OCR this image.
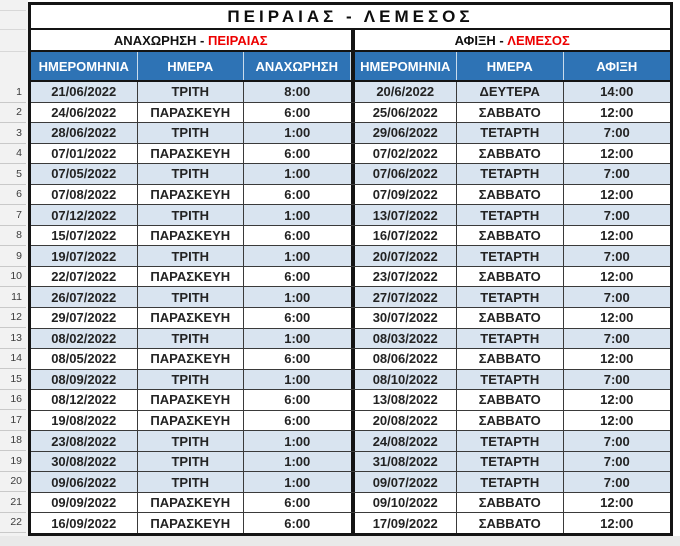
1
2
3
4
5
6
7
8
9
10
11
12
13
14
15
16
17
18
19
20
21
22
ΠΕΙΡΑΙΑΣ - ΛΕΜΕΣΟΣ
ΑΝΑΧΩΡΗΣΗ - ΠΕΙΡΑΙΑΣ	ΑΦΙΞΗ - ΛΕΜΕΣΟΣ
ΗΜΕΡΟΜΗΝΙΑ	ΗΜΕΡΑ	ΑΝΑΧΩΡΗΣΗ	ΗΜΕΡΟΜΗΝΙΑ	ΗΜΕΡΑ	ΑΦΙΞΗ
21/06/2022	ΤΡΙΤΗ	8:00	20/6/2022	ΔΕΥΤΕΡΑ	14:00
24/06/2022	ΠΑΡΑΣΚΕΥΗ	6:00	25/06/2022	ΣΑΒΒΑΤΟ	12:00
28/06/2022	ΤΡΙΤΗ	1:00	29/06/2022	ΤΕΤΑΡΤΗ	7:00
07/01/2022	ΠΑΡΑΣΚΕΥΗ	6:00	07/02/2022	ΣΑΒΒΑΤΟ	12:00
07/05/2022	ΤΡΙΤΗ	1:00	07/06/2022	ΤΕΤΑΡΤΗ	7:00
07/08/2022	ΠΑΡΑΣΚΕΥΗ	6:00	07/09/2022	ΣΑΒΒΑΤΟ	12:00
07/12/2022	ΤΡΙΤΗ	1:00	13/07/2022	ΤΕΤΑΡΤΗ	7:00
15/07/2022	ΠΑΡΑΣΚΕΥΗ	6:00	16/07/2022	ΣΑΒΒΑΤΟ	12:00
19/07/2022	ΤΡΙΤΗ	1:00	20/07/2022	ΤΕΤΑΡΤΗ	7:00
22/07/2022	ΠΑΡΑΣΚΕΥΗ	6:00	23/07/2022	ΣΑΒΒΑΤΟ	12:00
26/07/2022	ΤΡΙΤΗ	1:00	27/07/2022	ΤΕΤΑΡΤΗ	7:00
29/07/2022	ΠΑΡΑΣΚΕΥΗ	6:00	30/07/2022	ΣΑΒΒΑΤΟ	12:00
08/02/2022	ΤΡΙΤΗ	1:00	08/03/2022	ΤΕΤΑΡΤΗ	7:00
08/05/2022	ΠΑΡΑΣΚΕΥΗ	6:00	08/06/2022	ΣΑΒΒΑΤΟ	12:00
08/09/2022	ΤΡΙΤΗ	1:00	08/10/2022	ΤΕΤΑΡΤΗ	7:00
08/12/2022	ΠΑΡΑΣΚΕΥΗ	6:00	13/08/2022	ΣΑΒΒΑΤΟ	12:00
19/08/2022	ΠΑΡΑΣΚΕΥΗ	6:00	20/08/2022	ΣΑΒΒΑΤΟ	12:00
23/08/2022	ΤΡΙΤΗ	1:00	24/08/2022	ΤΕΤΑΡΤΗ	7:00
30/08/2022	ΤΡΙΤΗ	1:00	31/08/2022	ΤΕΤΑΡΤΗ	7:00
09/06/2022	ΤΡΙΤΗ	1:00	09/07/2022	ΤΕΤΑΡΤΗ	7:00
09/09/2022	ΠΑΡΑΣΚΕΥΗ	6:00	09/10/2022	ΣΑΒΒΑΤΟ	12:00
16/09/2022	ΠΑΡΑΣΚΕΥΗ	6:00	17/09/2022	ΣΑΒΒΑΤΟ	12:00
